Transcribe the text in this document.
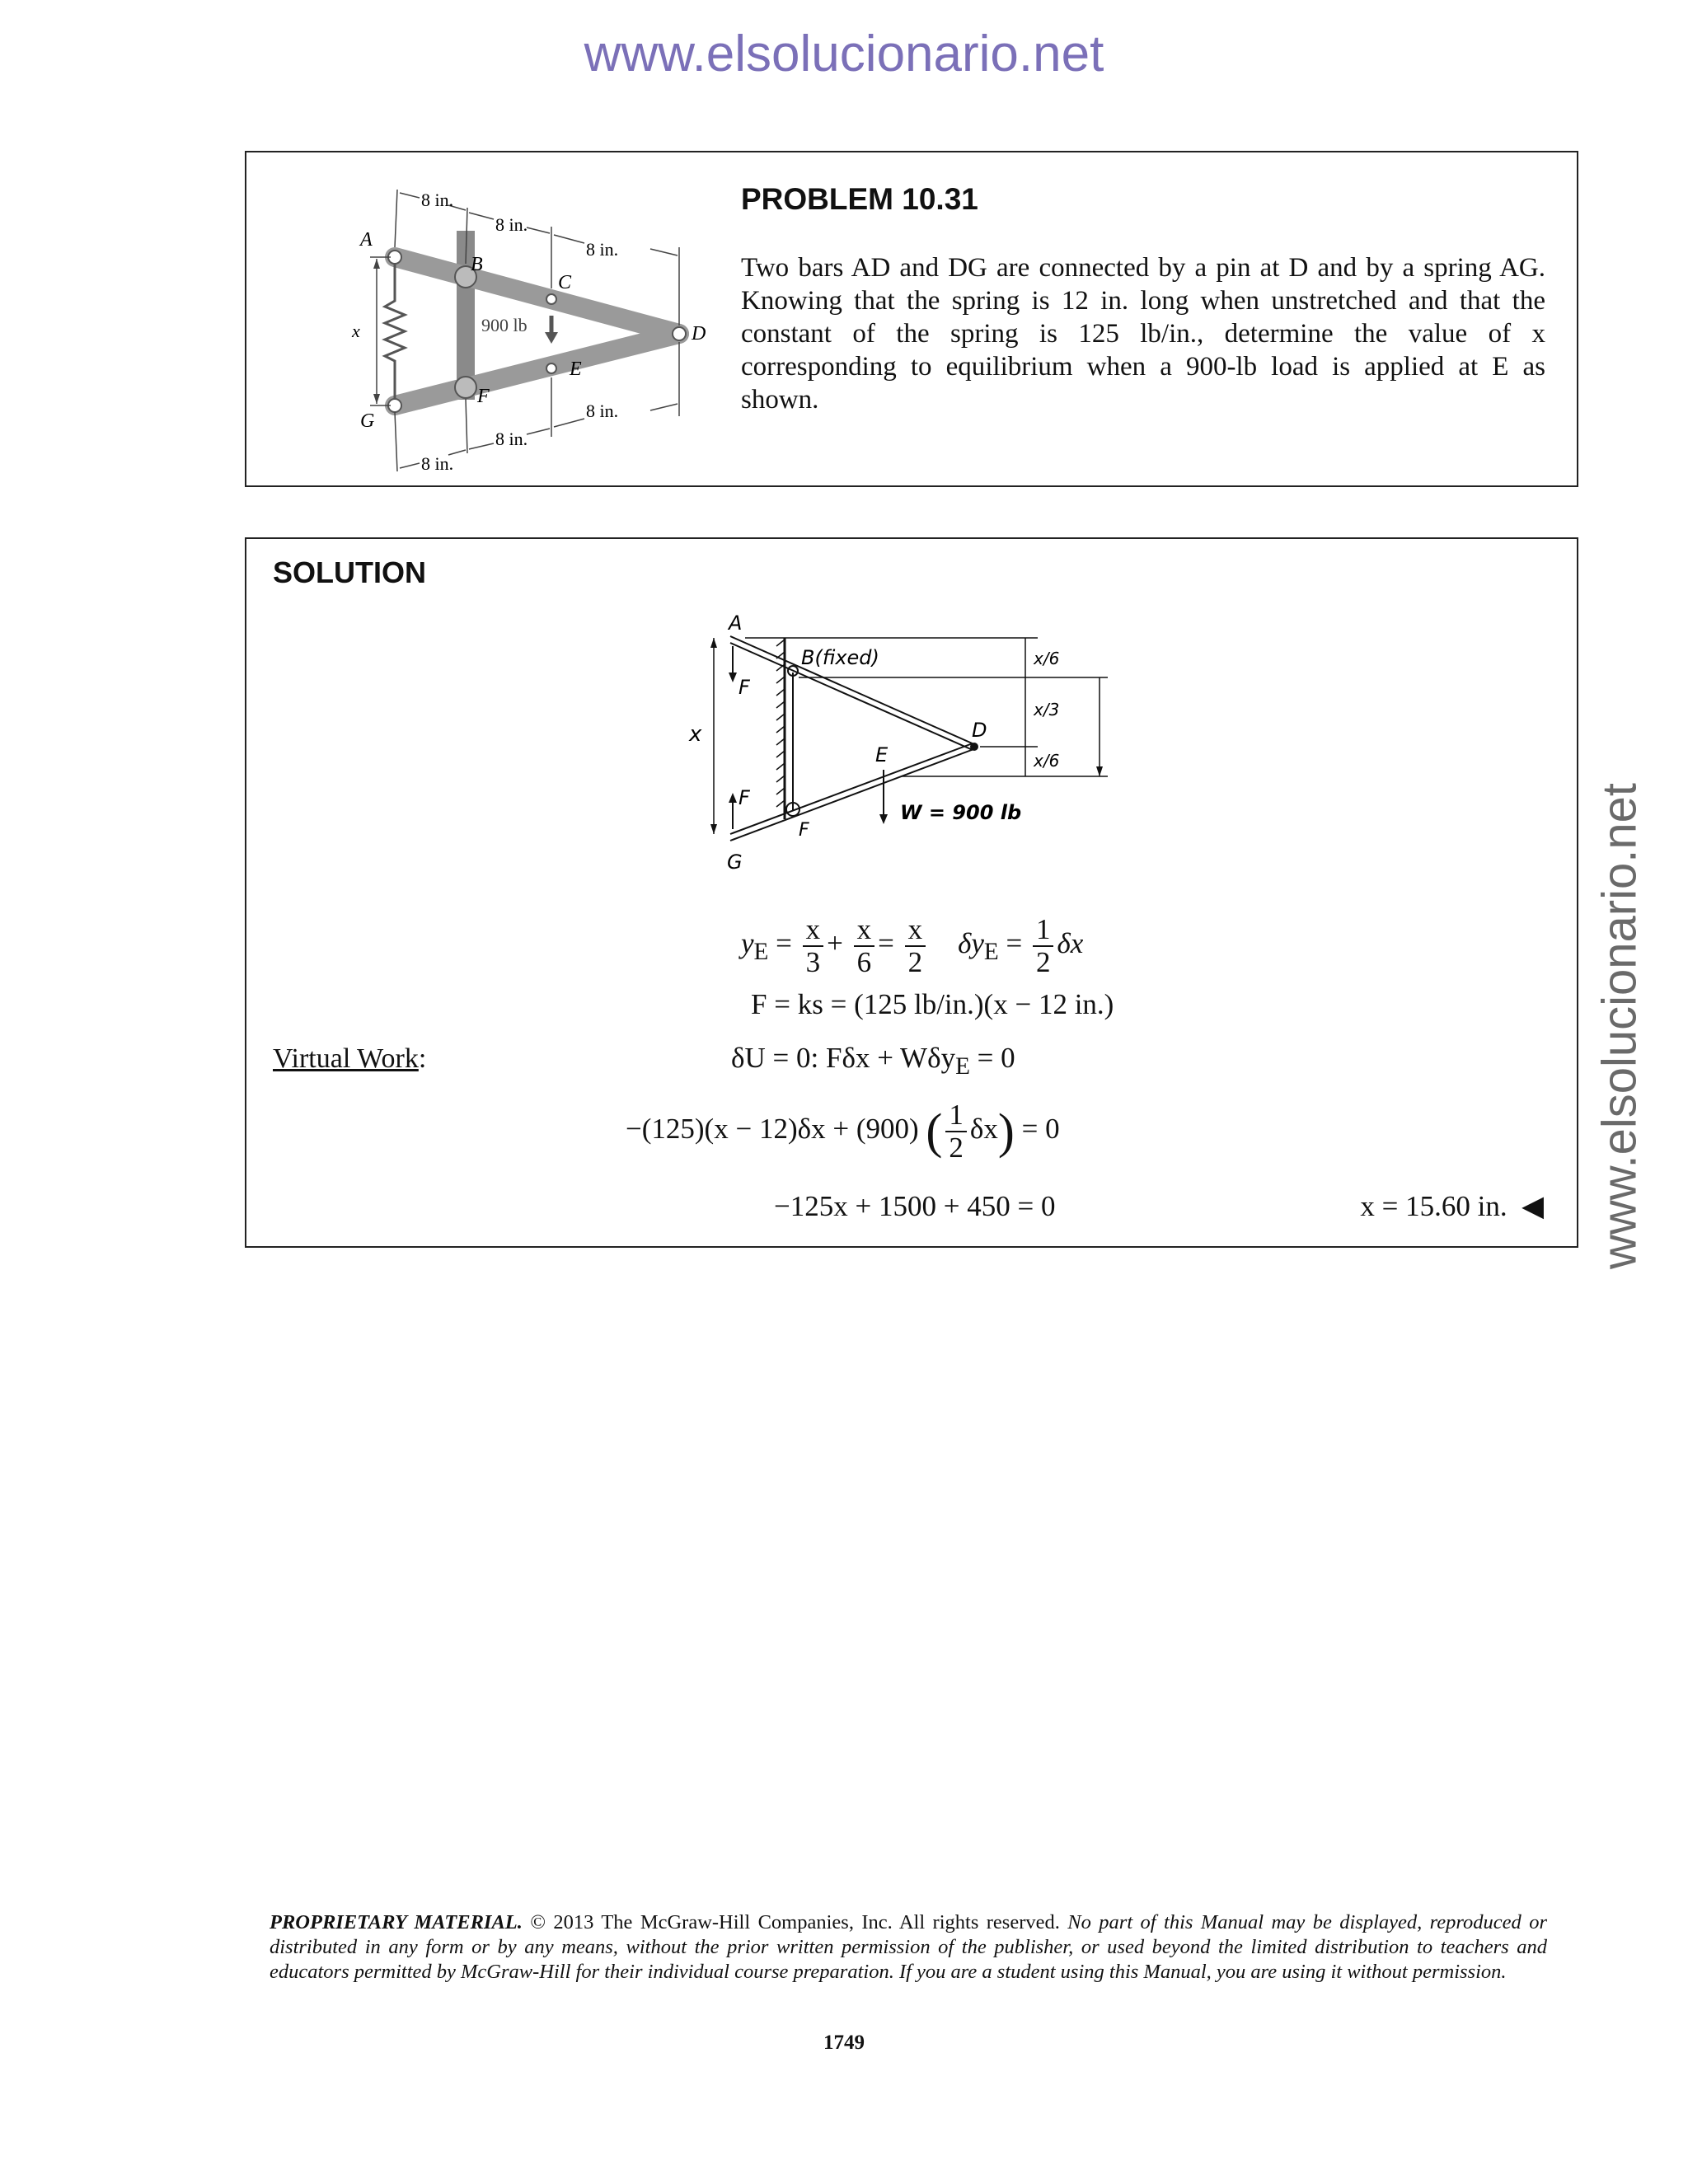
www.elsolucionario.net
www.elsolucionario.net
x	900 lb
A
B
C
D
E
F
G
8 in.
8 in.
8 in.
8 in.
8 in.
8 in.
PROBLEM 10.31
Two bars AD and DG are connected by a pin at D and by a spring AG. Knowing that the spring is 12 in. long when unstretched and that the constant of the spring is 125 lb/in., determine the value of x corresponding to equilibrium when a 900-lb load is applied at E as shown.
SOLUTION
x
F
F
W = 900 lb
A
B(fixed)
D
E
F
G
x/6
x/3
x/6
$y_E = \frac{x}{3} + \frac{x}{6} = \frac{x}{2} \delta y_E = \frac{1}{2}$ δx
F = ks = (125 lb/in.)(x − 12 in.)
Virtual Work:	δU = 0: Fδx + Wδy$_E$ = 0
−(125)(x − 12)δx + (900) ( $\frac{1}{2} \delta x) = 0$
−125x + 1500 + 450 = 0	x = 15.60 in. ◀
PROPRIETARY MATERIAL. © 2013 The McGraw-Hill Companies, Inc. All rights reserved. No part of this Manual may be displayed, reproduced or distributed in any form or by any means, without the prior written permission of the publisher, or used beyond the limited distribution to teachers and educators permitted by McGraw-Hill for their individual course preparation. If you are a student using this Manual, you are using it without permission.
1749
